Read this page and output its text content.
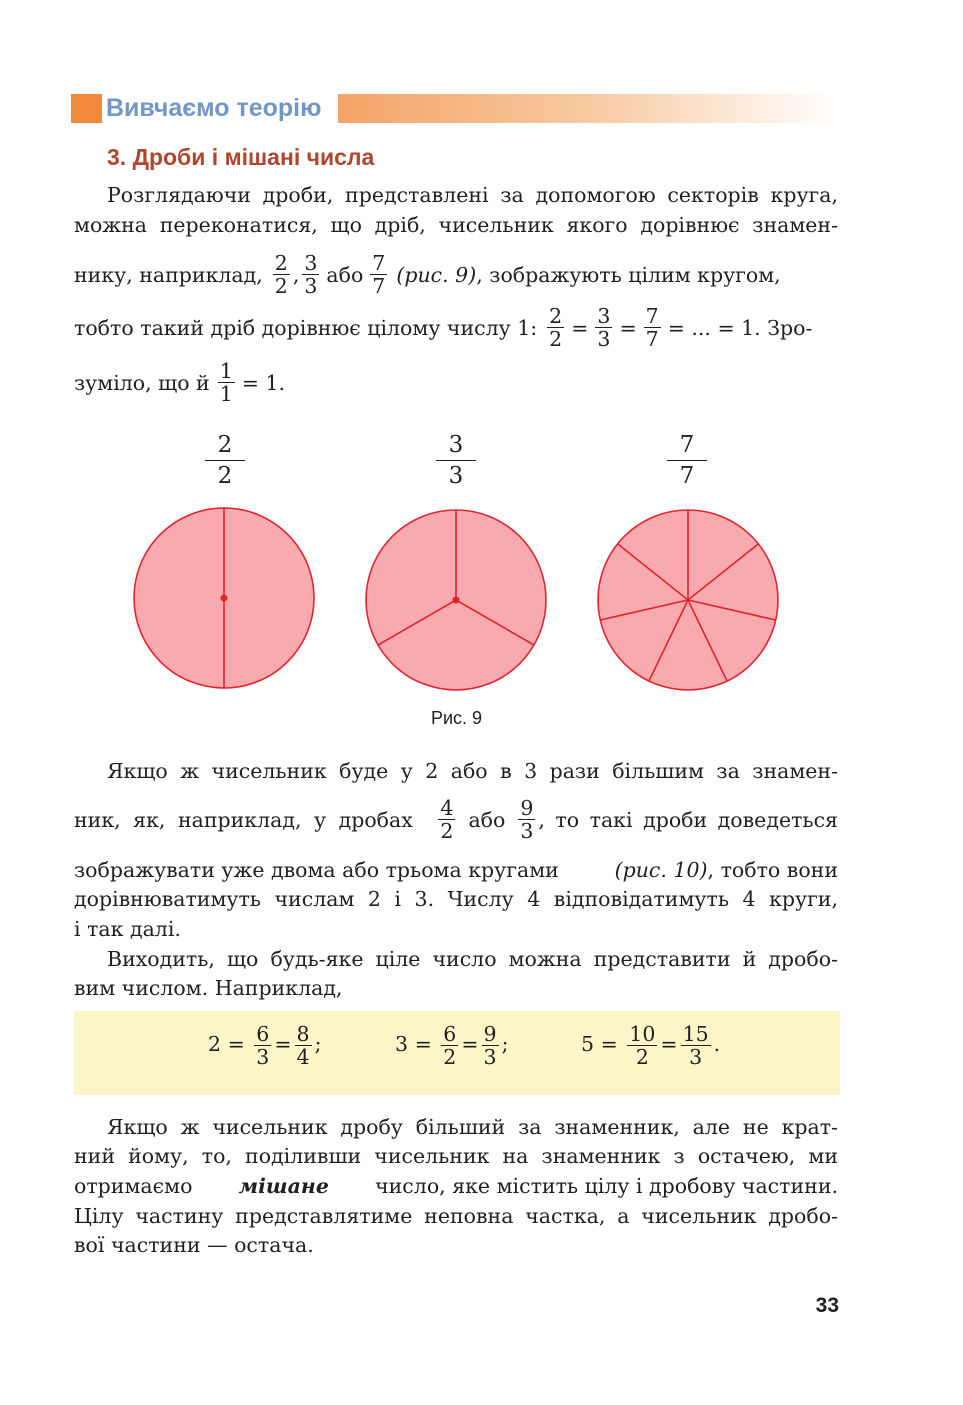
Вивчаємо теорію
3. Дроби і мішані числа
Розглядаючи дроби, представлені за допомогою секторів круга,
можна переконатися, що дріб, чисельник якого дорівнює знамен-
нику, наприклад, $\frac{2}{2}$ , $\frac{3}{3}$ або $\frac{7}{7} (рис$. 9) , зображують цілим кругом,
тобто такий дріб дорівнює цілому числу 1: $\frac{2}{2} = \frac{3}{3} = \frac{7}{7}$ = ... = 1. Зро-
зуміло, що й $\frac{1}{1} = 1$.
$\frac{2}{2}$	$\frac{3}{3}$	$\frac{7}{7}$
Рис. 9
Якщо ж чисельник буде у 2 або в 3 рази більшим за знамен-
ник, як, наприклад, у дробах $\frac{4}{2}$ або $\frac{9}{3}$ , то такі дроби доведеться
зображувати уже двома або трьома кругами	(рис. 10), тобто вони
дорівнюватимуть числам 2 і 3. Числу 4 відповідатимуть 4 круги,
і так далі.
Виходить, що будь-яке ціле число можна представити й дробо-
вим числом. Наприклад,
$2 = \frac{6}{3} = \frac{8}{4}$ ;	$3 = \frac{6}{2} = \frac{9}{3}$ ;	$5 = \frac{10}{2} = \frac{15}{3}$ .
Якщо ж чисельник дробу більший за знаменник, але не крат-
ний йому, то, поділивши чисельник на знаменник з остачею, ми
отримаємо мішане число, яке містить цілу і дробову частини.
Цілу частину представлятиме неповна частка, а чисельник дробо-
вої частини — остача.
33
